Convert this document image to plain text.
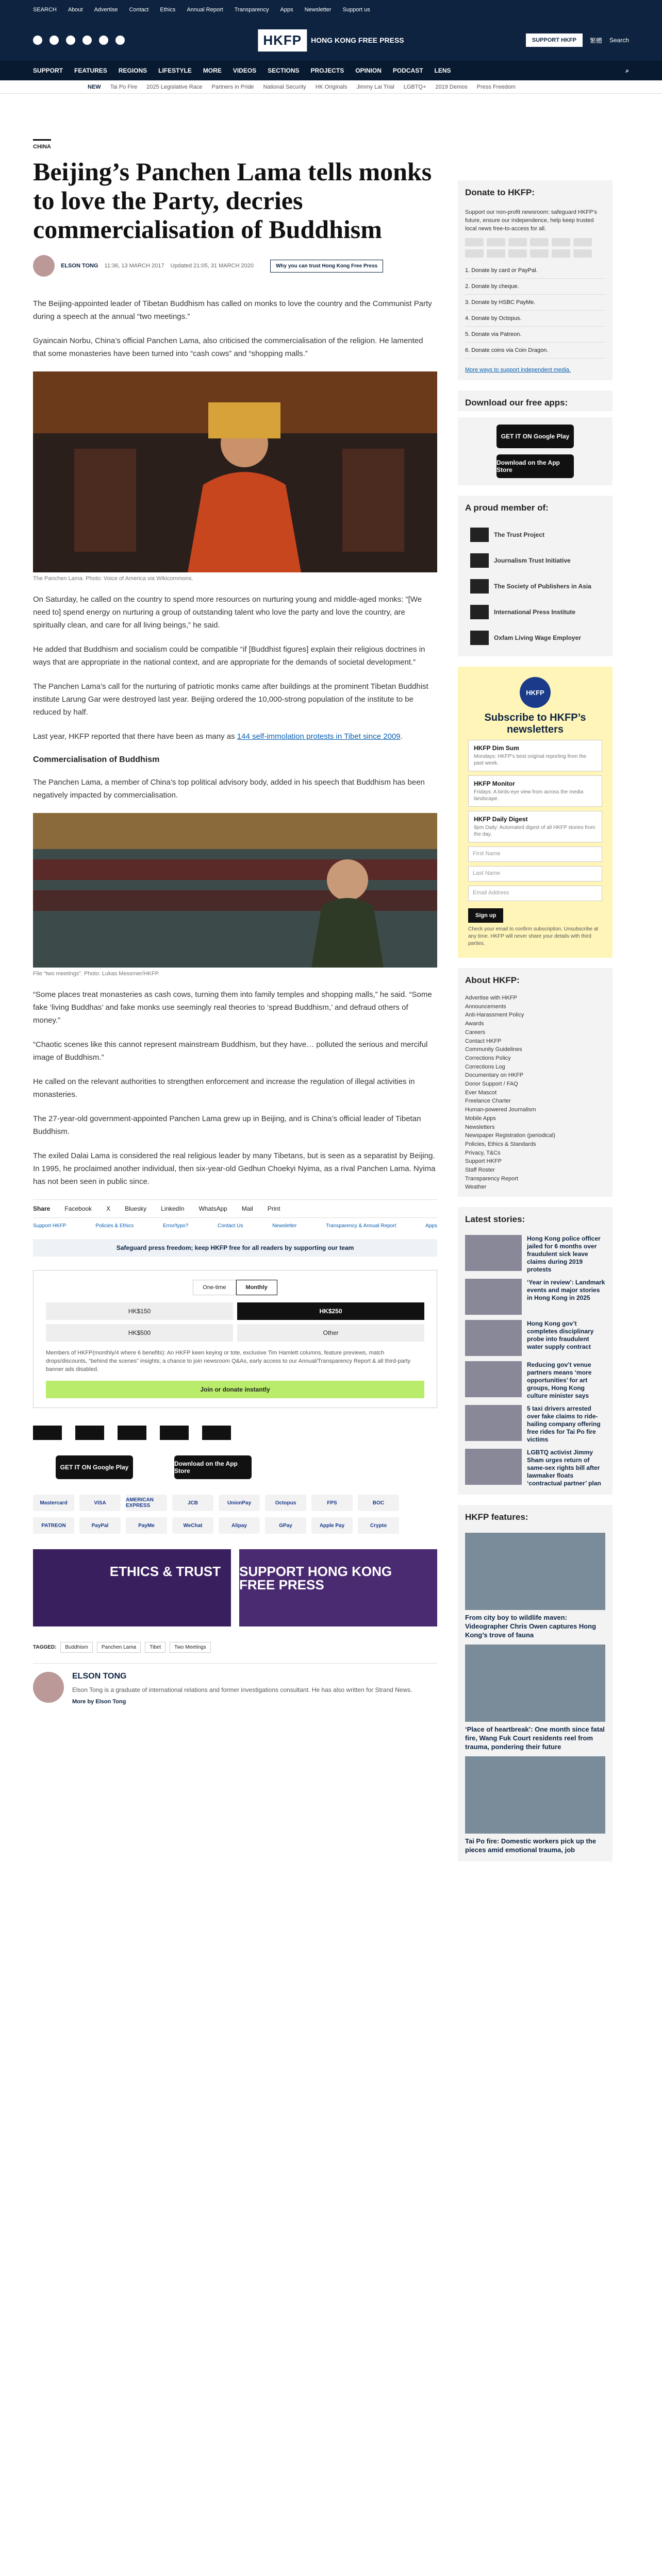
SEARCH About Advertise Contact Ethics Annual Report Transparency Apps Newsletter Support us
HKFP	HONG KONG FREE PRESS	SUPPORT HKFP	繁體 Search
SUPPORT FEATURES REGIONS LIFESTYLE MORE VIDEOS SECTIONS PROJECTS OPINION PODCAST LENS	⌕
NEW Tai Po Fire 2025 Legislative Race Partners in Pride National Security HK Originals Jimmy Lai Trial LGBTQ+ 2019 Demos Press Freedom
CHINA
Beijing’s Panchen Lama tells monks to love the Party, decries commercialisation of Buddhism
ELSON TONG 11:36, 13 MARCH 2017 Updated 21:05, 31 MARCH 2020	Why you can trust Hong Kong Free Press

The Beijing-appointed leader of Tibetan Buddhism has called on monks to love the country and the Communist Party during a speech at the annual “two meetings.”

Gyaincain Norbu, China’s official Panchen Lama, also criticised the commercialisation of the religion. He lamented that some monasteries have been turned into “cash cows” and “shopping malls.”

The Panchen Lama. Photo: Voice of America via Wikicommons.

On Saturday, he called on the country to spend more resources on nurturing young and middle-aged monks: “[We need to] spend energy on nurturing a group of outstanding talent who love the party and love the country, are spiritually clean, and care for all living beings,” he said.

He added that Buddhism and socialism could be compatible “if [Buddhist figures] explain their religious doctrines in ways that are appropriate in the national context, and are appropriate for the demands of societal development.”

The Panchen Lama’s call for the nurturing of patriotic monks came after buildings at the prominent Tibetan Buddhist institute Larung Gar were destroyed last year. Beijing ordered the 10,000-strong population of the institute to be reduced by half.

Last year, HKFP reported that there have been as many as 144 self-immolation protests in Tibet since 2009.

Commercialisation of Buddhism

The Panchen Lama, a member of China’s top political advisory body, added in his speech that Buddhism has been negatively impacted by commercialisation.

File “two meetings”. Photo: Lukas Messmer/HKFP.

“Some places treat monasteries as cash cows, turning them into family temples and shopping malls,” he said. “Some fake ‘living Buddhas’ and fake monks use seemingly real theories to ‘spread Buddhism,’ and defraud others of money.”

“Chaotic scenes like this cannot represent mainstream Buddhism, but they have… polluted the serious and merciful image of Buddhism.”

He called on the relevant authorities to strengthen enforcement and increase the regulation of illegal activities in monasteries.

The 27-year-old government-appointed Panchen Lama grew up in Beijing, and is China’s official leader of Tibetan Buddhism.

The exiled Dalai Lama is considered the real religious leader by many Tibetans, but is seen as a separatist by Beijing. In 1995, he proclaimed another individual, then six-year-old Gedhun Choekyi Nyima, as a rival Panchen Lama. Nyima has not been seen in public since.

Share Facebook X Bluesky LinkedIn WhatsApp Mail Print
Support HKFP	Policies & Ethics	Error/typo?	Contact Us	Newsletter	Transparency & Annual Report	Apps
Safeguard press freedom; keep HKFP free for all readers by supporting our team
One-time	Monthly
HK$150	HK$250
HK$500	Other
Members of HKFP(monthly/4 where 6 benefits): An HKFP keen keying or tote, exclusive Tim Hamlett columns, feature previews, match drops/discounts, “behind the scenes” insights; a chance to join newsroom Q&As, early access to our Annual/Transparency Report & all third-party banner ads disabled.
Join or donate instantly
GET IT ON Google Play	Download on the App Store
Mastercard	VISA	AMERICAN EXPRESS	JCB	UnionPay	Octopus	FPS	BOC
PATREON	PayPal	PayMe	WeChat	Alipay	GPay	Apple Pay	Crypto
ETHICS & TRUST SUPPORT HONG KONG FREE PRESS
TAGGED:	Buddhism	Panchen Lama	Tibet	Two Meetings
ELSON TONG
Elson Tong is a graduate of international relations and former investigations consultant. He has also written for Strand News.
More by Elson Tong
Donate to HKFP:

Support our non-profit newsroom: safeguard HKFP’s future, ensure our independence, help keep trusted local news free-to-access for all.

1. Donate by card or PayPal.
2. Donate by cheque.
3. Donate by HSBC PayMe.
4. Donate by Octopus.
5. Donate via Patreon.
6. Donate coins via Coin Dragon.
More ways to support independent media.
Download our free apps:
GET IT ON Google Play
Download on the App Store
A proud member of:
The Trust Project
Journalism Trust Initiative
The Society of Publishers in Asia
International Press Institute
Oxfam Living Wage Employer
HKFP
Subscribe to HKFP’s newsletters
HKFP Dim Sum
Mondays: HKFP’s best original reporting from the past week.
HKFP Monitor
Fridays: A birds-eye view from across the media landscape.
HKFP Daily Digest
9pm Daily: Automated digest of all HKFP stories from the day.
First Name
Last Name
Email Address
Sign up
Check your email to confirm subscription. Unsubscribe at any time. HKFP will never share your details with third parties.
About HKFP:
Advertise with HKFP
Announcements
Anti-Harassment Policy
Awards
Careers
Contact HKFP
Community Guidelines
Corrections Policy
Corrections Log
Documentary on HKFP
Donor Support / FAQ
Ever Mascot
Freelance Charter
Human-powered Journalism
Mobile Apps
Newsletters
Newspaper Registration (periodical)
Policies, Ethics & Standards
Privacy, T&Cs
Support HKFP
Staff Roster
Transparency Report
Weather
Latest stories:
Hong Kong police officer jailed for 6 months over fraudulent sick leave claims during 2019 protests
‘Year in review’: Landmark events and major stories in Hong Kong in 2025
Hong Kong gov’t completes disciplinary probe into fraudulent water supply contract
Reducing gov’t venue partners means ‘more opportunities’ for art groups, Hong Kong culture minister says
5 taxi drivers arrested over fake claims to ride-hailing company offering free rides for Tai Po fire victims
LGBTQ activist Jimmy Sham urges return of same-sex rights bill after lawmaker floats ‘contractual partner’ plan
HKFP features:
From city boy to wildlife maven: Videographer Chris Owen captures Hong Kong’s trove of fauna
‘Place of heartbreak’: One month since fatal fire, Wang Fuk Court residents reel from trauma, pondering their future
Tai Po fire: Domestic workers pick up the pieces amid emotional trauma, job
